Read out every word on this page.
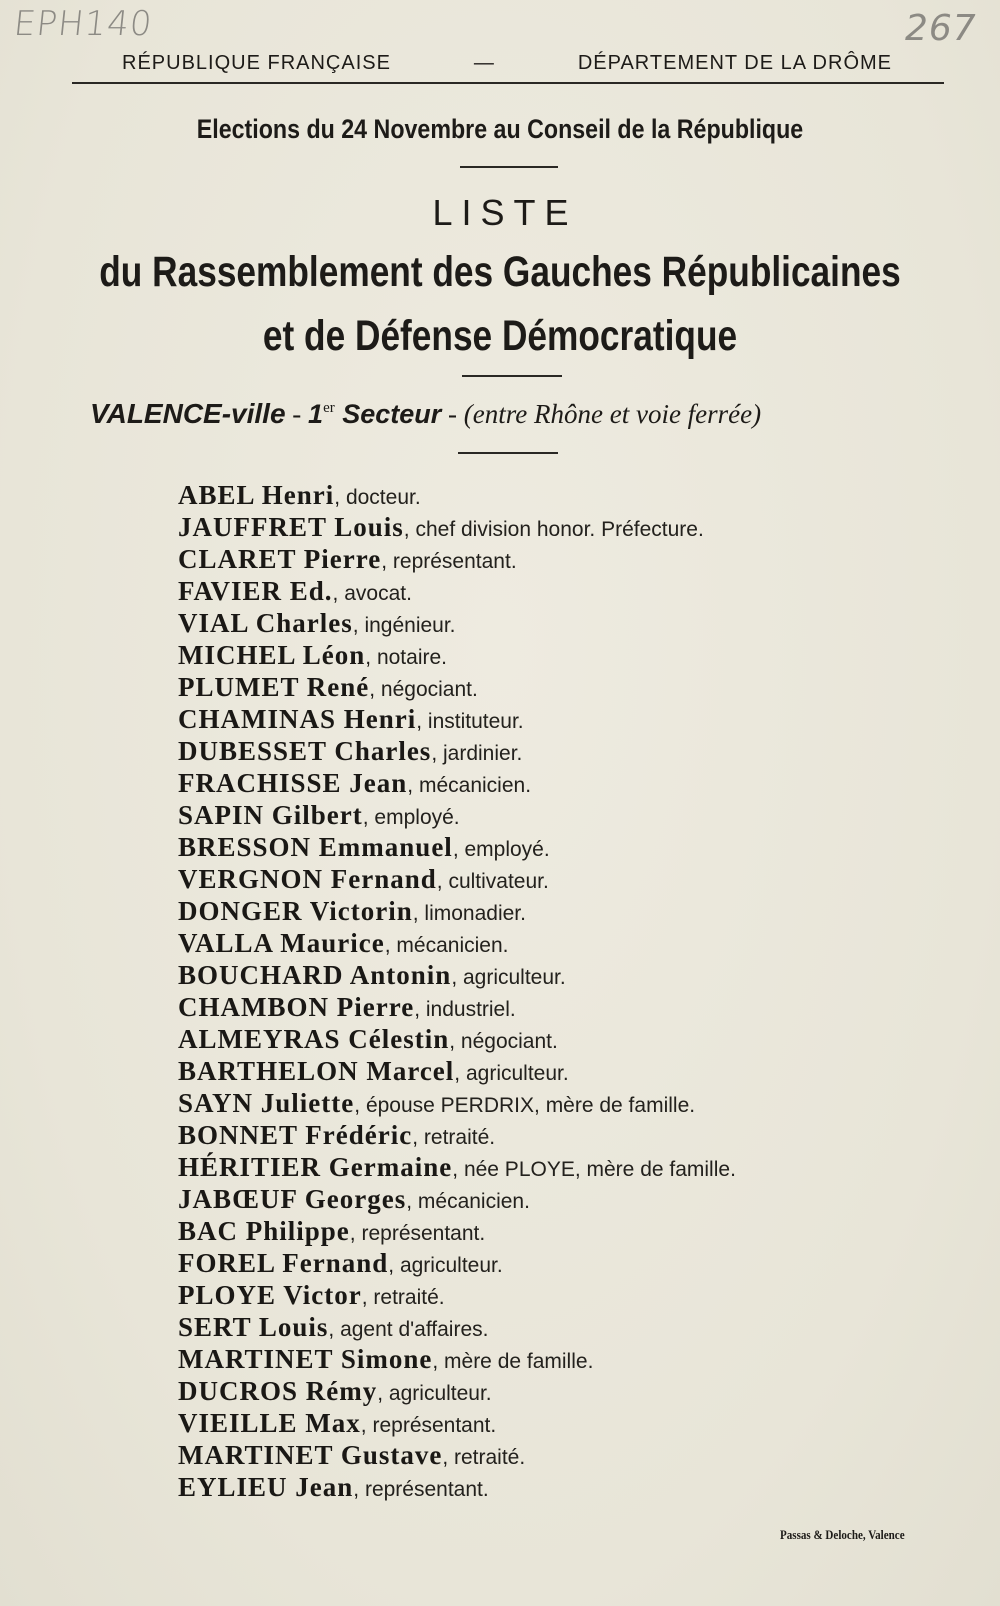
EPH140	267
RÉPUBLIQUE FRANÇAISE	—	DÉPARTEMENT DE LA DRÔME
Elections du 24 Novembre au Conseil de la République
LISTE
du Rassemblement des Gauches Républicaines
et de Défense Démocratique
VALENCE-ville - 1er Secteur - (entre Rhône et voie ferrée)
ABEL Henri, docteur.
JAUFFRET Louis, chef division honor. Préfecture.
CLARET Pierre, représentant.
FAVIER Ed., avocat.
VIAL Charles, ingénieur.
MICHEL Léon, notaire.
PLUMET René, négociant.
CHAMINAS Henri, instituteur.
DUBESSET Charles, jardinier.
FRACHISSE Jean, mécanicien.
SAPIN Gilbert, employé.
BRESSON Emmanuel, employé.
VERGNON Fernand, cultivateur.
DONGER Victorin, limonadier.
VALLA Maurice, mécanicien.
BOUCHARD Antonin, agriculteur.
CHAMBON Pierre, industriel.
ALMEYRAS Célestin, négociant.
BARTHELON Marcel, agriculteur.
SAYN Juliette, épouse PERDRIX, mère de famille.
BONNET Frédéric, retraité.
HÉRITIER Germaine, née PLOYE, mère de famille.
JABŒUF Georges, mécanicien.
BAC Philippe, représentant.
FOREL Fernand, agriculteur.
PLOYE Victor, retraité.
SERT Louis, agent d'affaires.
MARTINET Simone, mère de famille.
DUCROS Rémy, agriculteur.
VIEILLE Max, représentant.
MARTINET Gustave, retraité.
EYLIEU Jean, représentant.
Passas & Deloche, Valence
